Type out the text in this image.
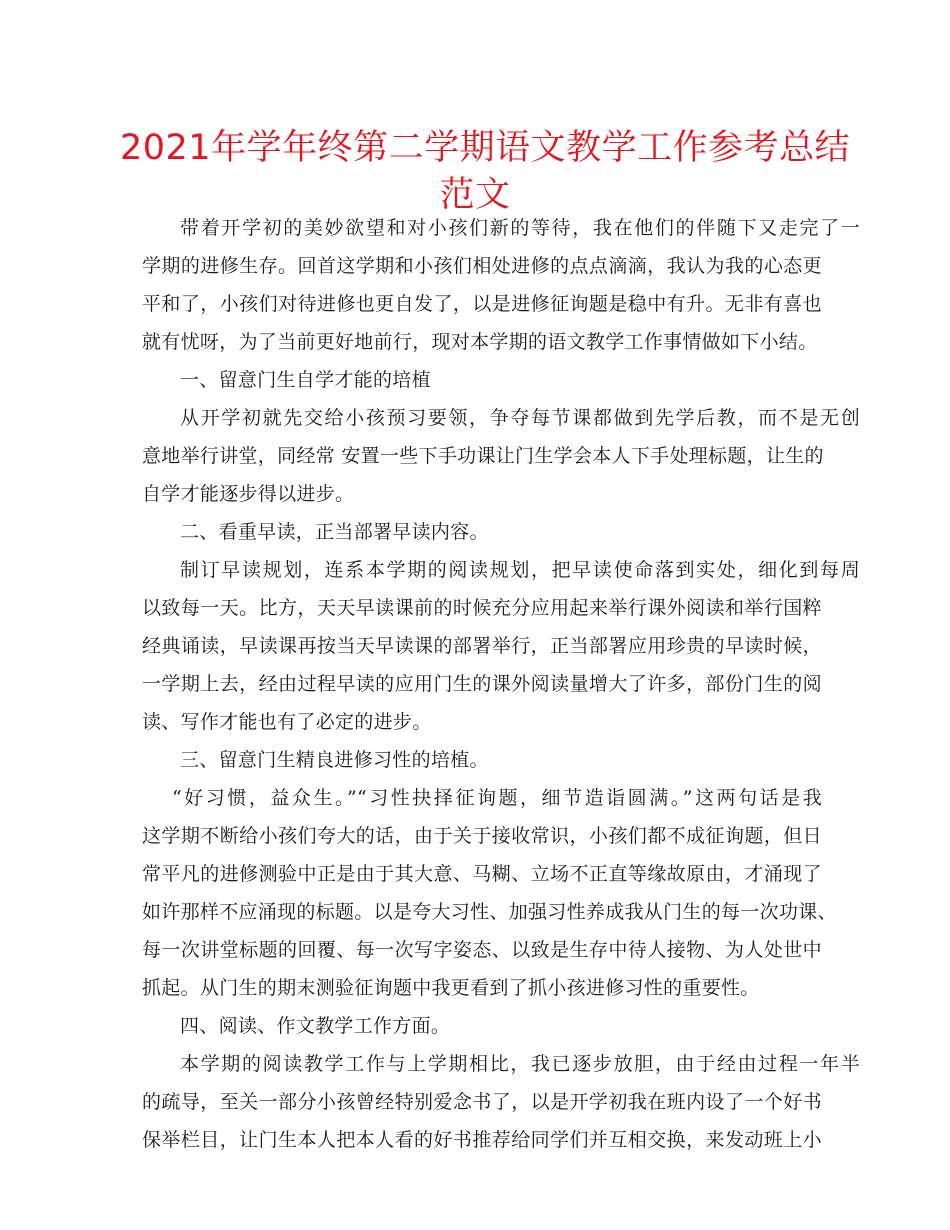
2021年学年终第二学期语文教学工作参考总结
范文
带着开学初的美妙欲望和对小孩们新的等待，我在他们的伴随下又走完了一
学期的进修生存。回首这学期和小孩们相处进修的点点滴滴，我认为我的心态更
平和了，小孩们对待进修也更自发了，以是进修征询题是稳中有升。无非有喜也
就有忧呀，为了当前更好地前行，现对本学期的语文教学工作事情做如下小结。
一、留意门生自学才能的培植
从开学初就先交给小孩预习要领，争夺每节课都做到先学后教，而不是无创
意地举行讲堂，同经常 安置一些下手功课让门生学会本人下手处理标题，让生的
自学才能逐步得以进步。
二、看重早读，正当部署早读内容。
制订早读规划，连系本学期的阅读规划，把早读使命落到实处，细化到每周
以致每一天。比方，天天早读课前的时候充分应用起来举行课外阅读和举行国粹
经典诵读，早读课再按当天早读课的部署举行，正当部署应用珍贵的早读时候，
一学期上去，经由过程早读的应用门生的课外阅读量增大了许多，部份门生的阅
读、写作才能也有了必定的进步。
三、留意门生精良进修习性的培植。
“好习惯，益众生。”“习性抉择征询题，细节造诣圆满。”这两句话是我
这学期不断给小孩们夸大的话，由于关于接收常识，小孩们都不成征询题，但日
常平凡的进修测验中正是由于其大意、马糊、立场不正直等缘故原由，才涌现了
如许那样不应涌现的标题。以是夸大习性、加强习性养成我从门生的每一次功课、
每一次讲堂标题的回覆、每一次写字姿态、以致是生存中待人接物、为人处世中
抓起。从门生的期末测验征询题中我更看到了抓小孩进修习性的重要性。
四、阅读、作文教学工作方面。
本学期的阅读教学工作与上学期相比，我已逐步放胆，由于经由过程一年半
的疏导，至关一部分小孩曾经特别爱念书了，以是开学初我在班内设了一个好书
保举栏目，让门生本人把本人看的好书推荐给同学们并互相交换，来发动班上小
